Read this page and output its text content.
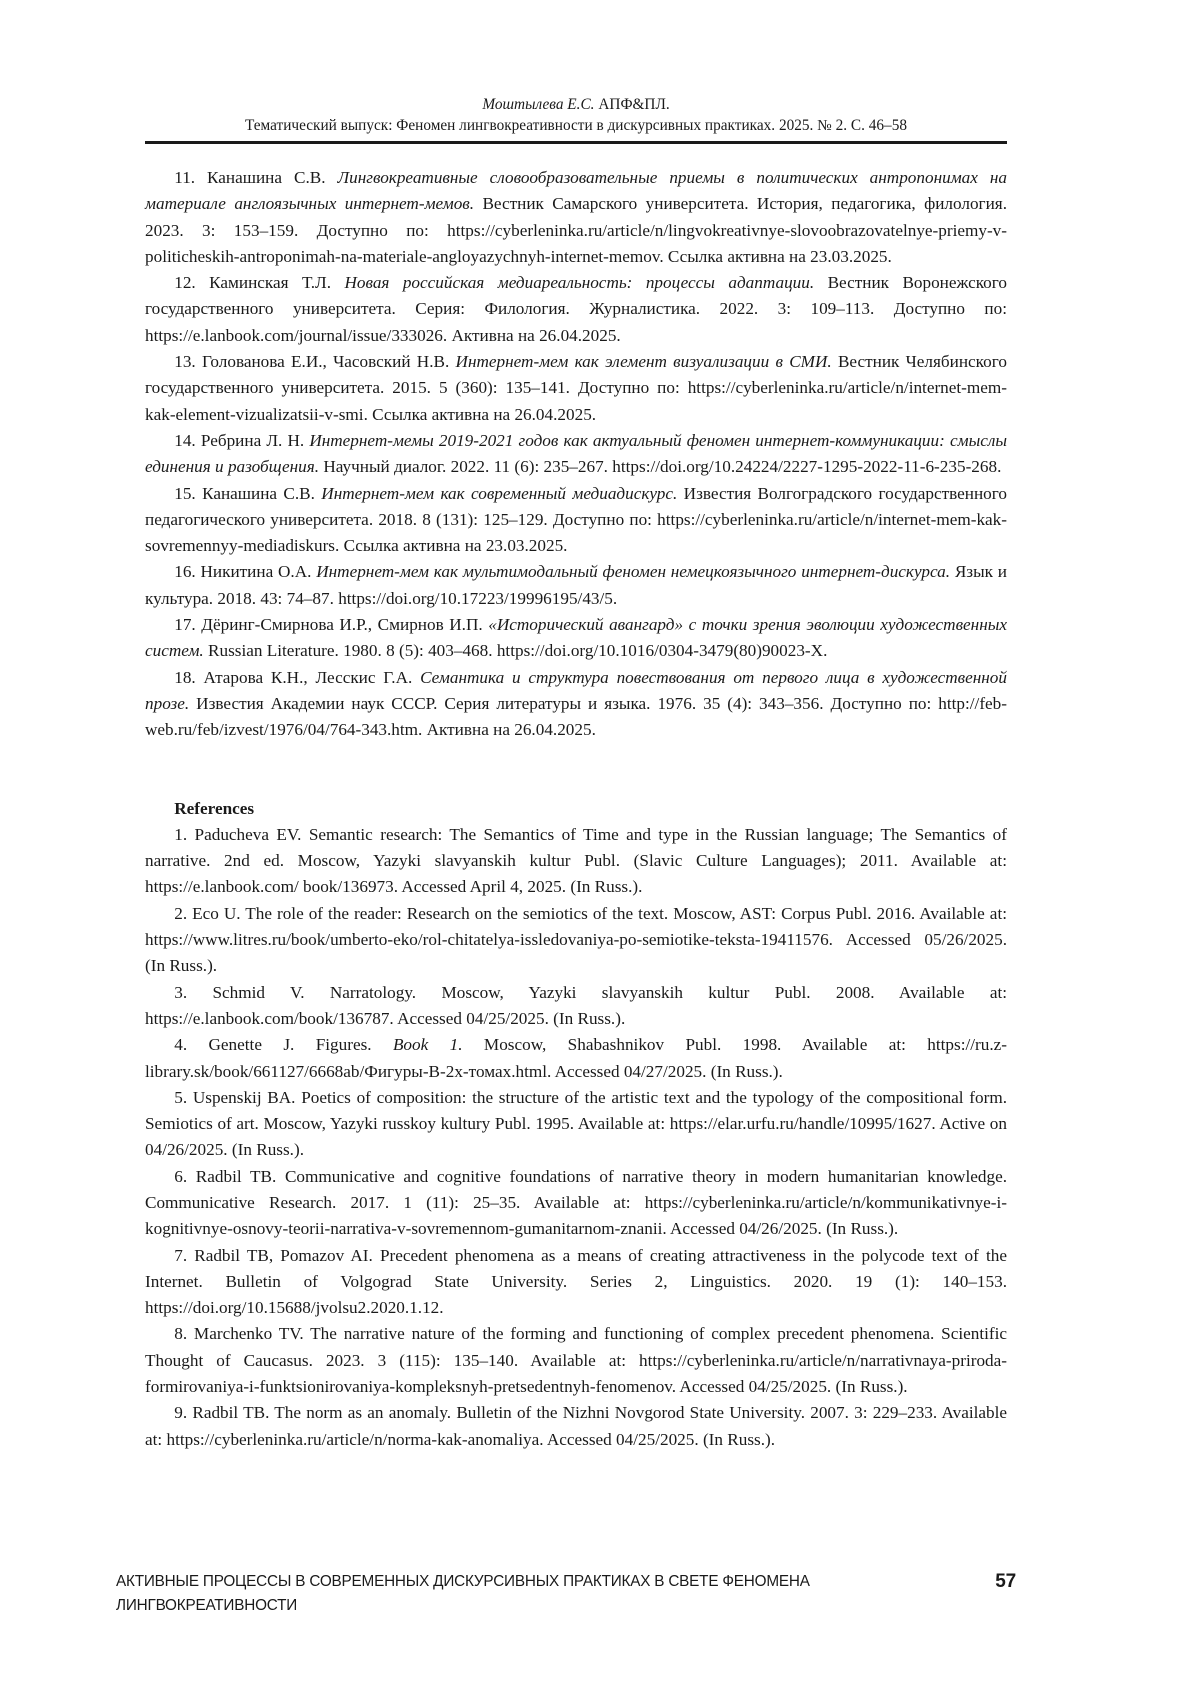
Моштылева Е.С. АПФ&ПЛ.
Тематический выпуск: Феномен лингвокреативности в дискурсивных практиках. 2025. № 2. С. 46–58

11. Канашина С.В. Лингвокреативные словообразовательные приемы в политических антропонимах на материале англоязычных интернет-мемов. Вестник Самарского университета. История, педагогика, филология. 2023. 3: 153–159. Доступно по: https://cyberleninka.ru/article/n/lingvokreativnye-slovoobrazovatelnye-priemy-v-politicheskih-antroponimah-na-materiale-angloyazychnyh-internet-memov. Ссылка активна на 23.03.2025.

12. Каминская Т.Л. Новая российская медиареальность: процессы адаптации. Вестник Воронежского государственного университета. Серия: Филология. Журналистика. 2022. 3: 109–113. Доступно по: https://e.lanbook.com/journal/issue/333026. Активна на 26.04.2025.

13. Голованова Е.И., Часовский Н.В. Интернет-мем как элемент визуализации в СМИ. Вестник Челябинского государственного университета. 2015. 5 (360): 135–141. Доступно по: https://cyberleninka.ru/article/n/internet-mem-kak-element-vizualizatsii-v-smi. Ссылка активна на 26.04.2025.

14. Ребрина Л. Н. Интернет-мемы 2019-2021 годов как актуальный феномен интернет-коммуникации: смыслы единения и разобщения. Научный диалог. 2022. 11 (6): 235–267. https://doi.org/10.24224/2227-1295-2022-11-6-235-268.

15. Канашина С.В. Интернет-мем как современный медиадискурс. Известия Волгоградского государственного педагогического университета. 2018. 8 (131): 125–129. Доступно по: https://cyberleninka.ru/article/n/internet-mem-kak-sovremennyy-mediadiskurs. Ссылка активна на 23.03.2025.

16. Никитина О.А. Интернет-мем как мультимодальный феномен немецкоязычного интернет-дискурса. Язык и культура. 2018. 43: 74–87. https://doi.org/10.17223/19996195/43/5.

17. Дёринг-Смирнова И.Р., Смирнов И.П. «Исторический авангард» с точки зрения эволюции художественных систем. Russian Literature. 1980. 8 (5): 403–468. https://doi.org/10.1016/0304-3479(80)90023-X.

18. Атарова К.Н., Лесскис Г.А. Семантика и структура повествования от первого лица в художественной прозе. Известия Академии наук СССР. Серия литературы и языка. 1976. 35 (4): 343–356. Доступно по: http://feb-web.ru/feb/izvest/1976/04/764-343.htm. Активна на 26.04.2025.

References

1. Paducheva EV. Semantic research: The Semantics of Time and type in the Russian language; The Semantics of narrative. 2nd ed. Moscow, Yazyki slavyanskih kultur Publ. (Slavic Culture Languages); 2011. Available at: https://e.lanbook.com/ book/136973. Accessed April 4, 2025. (In Russ.).

2. Eco U. The role of the reader: Research on the semiotics of the text. Moscow, AST: Corpus Publ. 2016. Available at: https://www.litres.ru/book/umberto-eko/rol-chitatelya-issledovaniya-po-semiotike-teksta-19411576. Accessed 05/26/2025. (In Russ.).

3. Schmid V. Narratology. Moscow, Yazyki slavyanskih kultur Publ. 2008. Available at: https://e.lanbook.com/book/136787. Accessed 04/25/2025. (In Russ.).

4. Genette J. Figures. Book 1. Moscow, Shabashnikov Publ. 1998. Available at: https://ru.z-library.sk/book/661127/6668ab/Фигуры-В-2х-томах.html. Accessed 04/27/2025. (In Russ.).

5. Uspenskij BA. Poetics of composition: the structure of the artistic text and the typology of the compositional form. Semiotics of art. Moscow, Yazyki russkoy kultury Publ. 1995. Available at: https://elar.urfu.ru/handle/10995/1627. Active on 04/26/2025. (In Russ.).

6. Radbil TB. Communicative and cognitive foundations of narrative theory in modern humanitarian knowledge. Communicative Research. 2017. 1 (11): 25–35. Available at: https://cyberleninka.ru/article/n/kommunikativnye-i-kognitivnye-osnovy-teorii-narrativa-v-sovremennom-gumanitarnom-znanii. Accessed 04/26/2025. (In Russ.).

7. Radbil TB, Pomazov AI. Precedent phenomena as a means of creating attractiveness in the polycode text of the Internet. Bulletin of Volgograd State University. Series 2, Linguistics. 2020. 19 (1): 140–153. https://doi.org/10.15688/jvolsu2.2020.1.12.

8. Marchenko TV. The narrative nature of the forming and functioning of complex precedent phenomena. Scientific Thought of Caucasus. 2023. 3 (115): 135–140. Available at: https://cyberleninka.ru/article/n/narrativnaya-priroda-formirovaniya-i-funktsionirovaniya-kompleksnyh-pretsedentnyh-fenomenov. Accessed 04/25/2025. (In Russ.).

9. Radbil TB. The norm as an anomaly. Bulletin of the Nizhni Novgorod State University. 2007. 3: 229–233. Available at: https://cyberleninka.ru/article/n/norma-kak-anomaliya. Accessed 04/25/2025. (In Russ.).

АКТИВНЫЕ ПРОЦЕССЫ В СОВРЕМЕННЫХ ДИСКУРСИВНЫХ ПРАКТИКАХ В СВЕТЕ ФЕНОМЕНА ЛИНГВОКРЕАТИВНОСТИ
57
